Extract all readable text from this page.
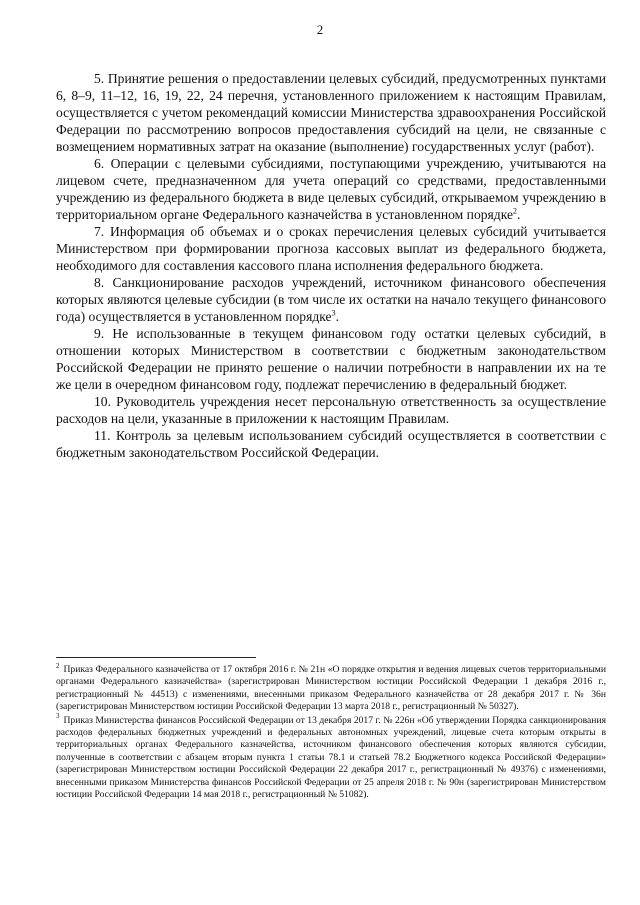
2

5. Принятие решения о предоставлении целевых субсидий, предусмотренных пунктами 6, 8–9, 11–12, 16, 19, 22, 24 перечня, установленного приложением к настоящим Правилам, осуществляется с учетом рекомендаций комиссии Министерства здравоохранения Российской Федерации по рассмотрению вопросов предоставления субсидий на цели, не связанные с возмещением нормативных затрат на оказание (выполнение) государственных услуг (работ).

6. Операции с целевыми субсидиями, поступающими учреждению, учитываются на лицевом счете, предназначенном для учета операций со средствами, предоставленными учреждению из федерального бюджета в виде целевых субсидий, открываемом учреждению в территориальном органе Федерального казначейства в установленном порядке$^2$.

7. Информация об объемах и о сроках перечисления целевых субсидий учитывается Министерством при формировании прогноза кассовых выплат из федерального бюджета, необходимого для составления кассового плана исполнения федерального бюджета.

8. Санкционирование расходов учреждений, источником финансового обеспечения которых являются целевые субсидии (в том числе их остатки на начало текущего финансового года) осуществляется в установленном порядке$^3$.

9. Не использованные в текущем финансовом году остатки целевых субсидий, в отношении которых Министерством в соответствии с бюджетным законодательством Российской Федерации не принято решение о наличии потребности в направлении их на те же цели в очередном финансовом году, подлежат перечислению в федеральный бюджет.

10. Руководитель учреждения несет персональную ответственность за осуществление расходов на цели, указанные в приложении к настоящим Правилам.

11. Контроль за целевым использованием субсидий осуществляется в соответствии с бюджетным законодательством Российской Федерации.

$^2$ Приказ Федерального казначейства от 17 октября 2016 г. № 21н «О порядке открытия и ведения лицевых счетов территориальными органами Федерального казначейства» (зарегистрирован Министерством юстиции Российской Федерации 1 декабря 2016 г., регистрационный № 44513) с изменениями, внесенными приказом Федерального казначейства от 28 декабря 2017 г. № 36н (зарегистрирован Министерством юстиции Российской Федерации 13 марта 2018 г., регистрационный № 50327).

$^3$ Приказ Министерства финансов Российской Федерации от 13 декабря 2017 г. № 226н «Об утверждении Порядка санкционирования расходов федеральных бюджетных учреждений и федеральных автономных учреждений, лицевые счета которым открыты в территориальных органах Федерального казначейства, источником финансового обеспечения которых являются субсидии, полученные в соответствии с абзацем вторым пункта 1 статьи 78.1 и статьей 78.2 Бюджетного кодекса Российской Федерации» (зарегистрирован Министерством юстиции Российской Федерации 22 декабря 2017 г., регистрационный № 49376) с изменениями, внесенными приказом Министерства финансов Российской Федерации от 25 апреля 2018 г. № 90н (зарегистрирован Министерством юстиции Российской Федерации 14 мая 2018 г., регистрационный № 51082).
